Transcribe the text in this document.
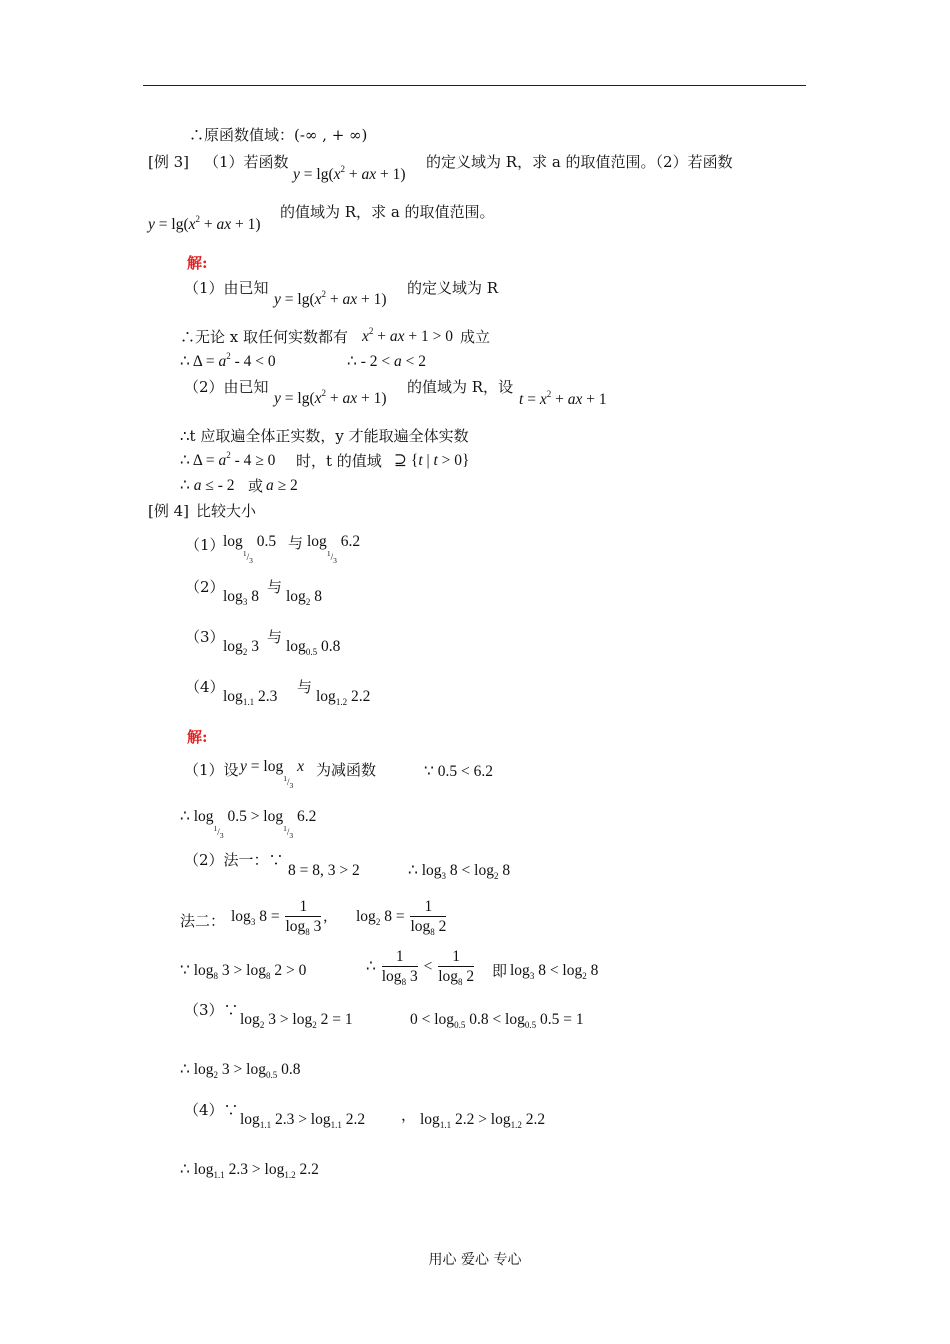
∴原函数值域：(-∞ , + ∞)
[例 3] （1）若函数
$y = \lg(x^2$ + ax + 1)
的定义域为 R，求 a 的取值范围。（2）若函数
$y = \lg(x^2$ + ax + 1)
的值域为 R，求 a 的取值范围。
解:
（1）由已知
$y = \lg(x^2$ + ax + 1)
的定义域为 R
∴无论 x 取任何实数都有 $x^2$ + ax + 1 > 0 成立
∴ $\Delta = a^2 - 4 < 0$	∴ - 2 < a < 2
（2）由已知
$y = \lg(x^2$ + ax + 1)
的值域为 R，设
$t = x^2$ + ax + 1
∴t 应取遍全体正实数，y 才能取遍全体实数
∴ $\Delta = a^2 - 4 \ge 0$ 时，t 的值域 ⊇ {t | t > 0}
∴ a ≤ - 2 或 a ≥ 2
[例 4] 比较大小
（1）
$\log_{^1/_3} 0.5$ 与 $\log_{^1/_3} 6.2$
（2）
$\log_3 8$
与
$\log_2 8$
（3）
$\log_2 3$
与
$\log_{0.5} 0.8$
（4）
$\log_{1.1} 2.3$
与
$\log_{1.2} 2.2$
解:
（1）设 $y = \log_{^1/_3} x$ 为减函数	∵ 0.5 < 6.2
∴ $\log_{^1/_3} 0.5 > \log_{^1/_3} 6.2$
（2）法一：∵
8 = 8, 3 > 2	∴ $\log_3 8 < \log_2 8$
法二： $\log_3 8 = \frac{1}{\log_8 3}$ , $\log_2 8 = \frac{1}{\log_8 2}$
∵ $\log_8 3 > \log_8 2 > 0$	∴ $\frac{1}{\log_8 3} < \frac{1}{\log_8 2}$ 即 $\log_3 8 < \log_2 8$
（3）∵
$\log_2 3 > \log_2 2 = 1$	$0 < \log_{0.5} 0.8 < \log_{0.5} 0.5 = 1$
∴ $\log_2 3 > \log_{0.5} 0.8$
（4）∵
$\log_{1.1} 2.3 > \log_{1.1} 2.2$ ， $\log_{1.1} 2.2 > \log_{1.2} 2.2$
∴ $\log_{1.1} 2.3 > \log_{1.2} 2.2$
用心 爱心 专心
